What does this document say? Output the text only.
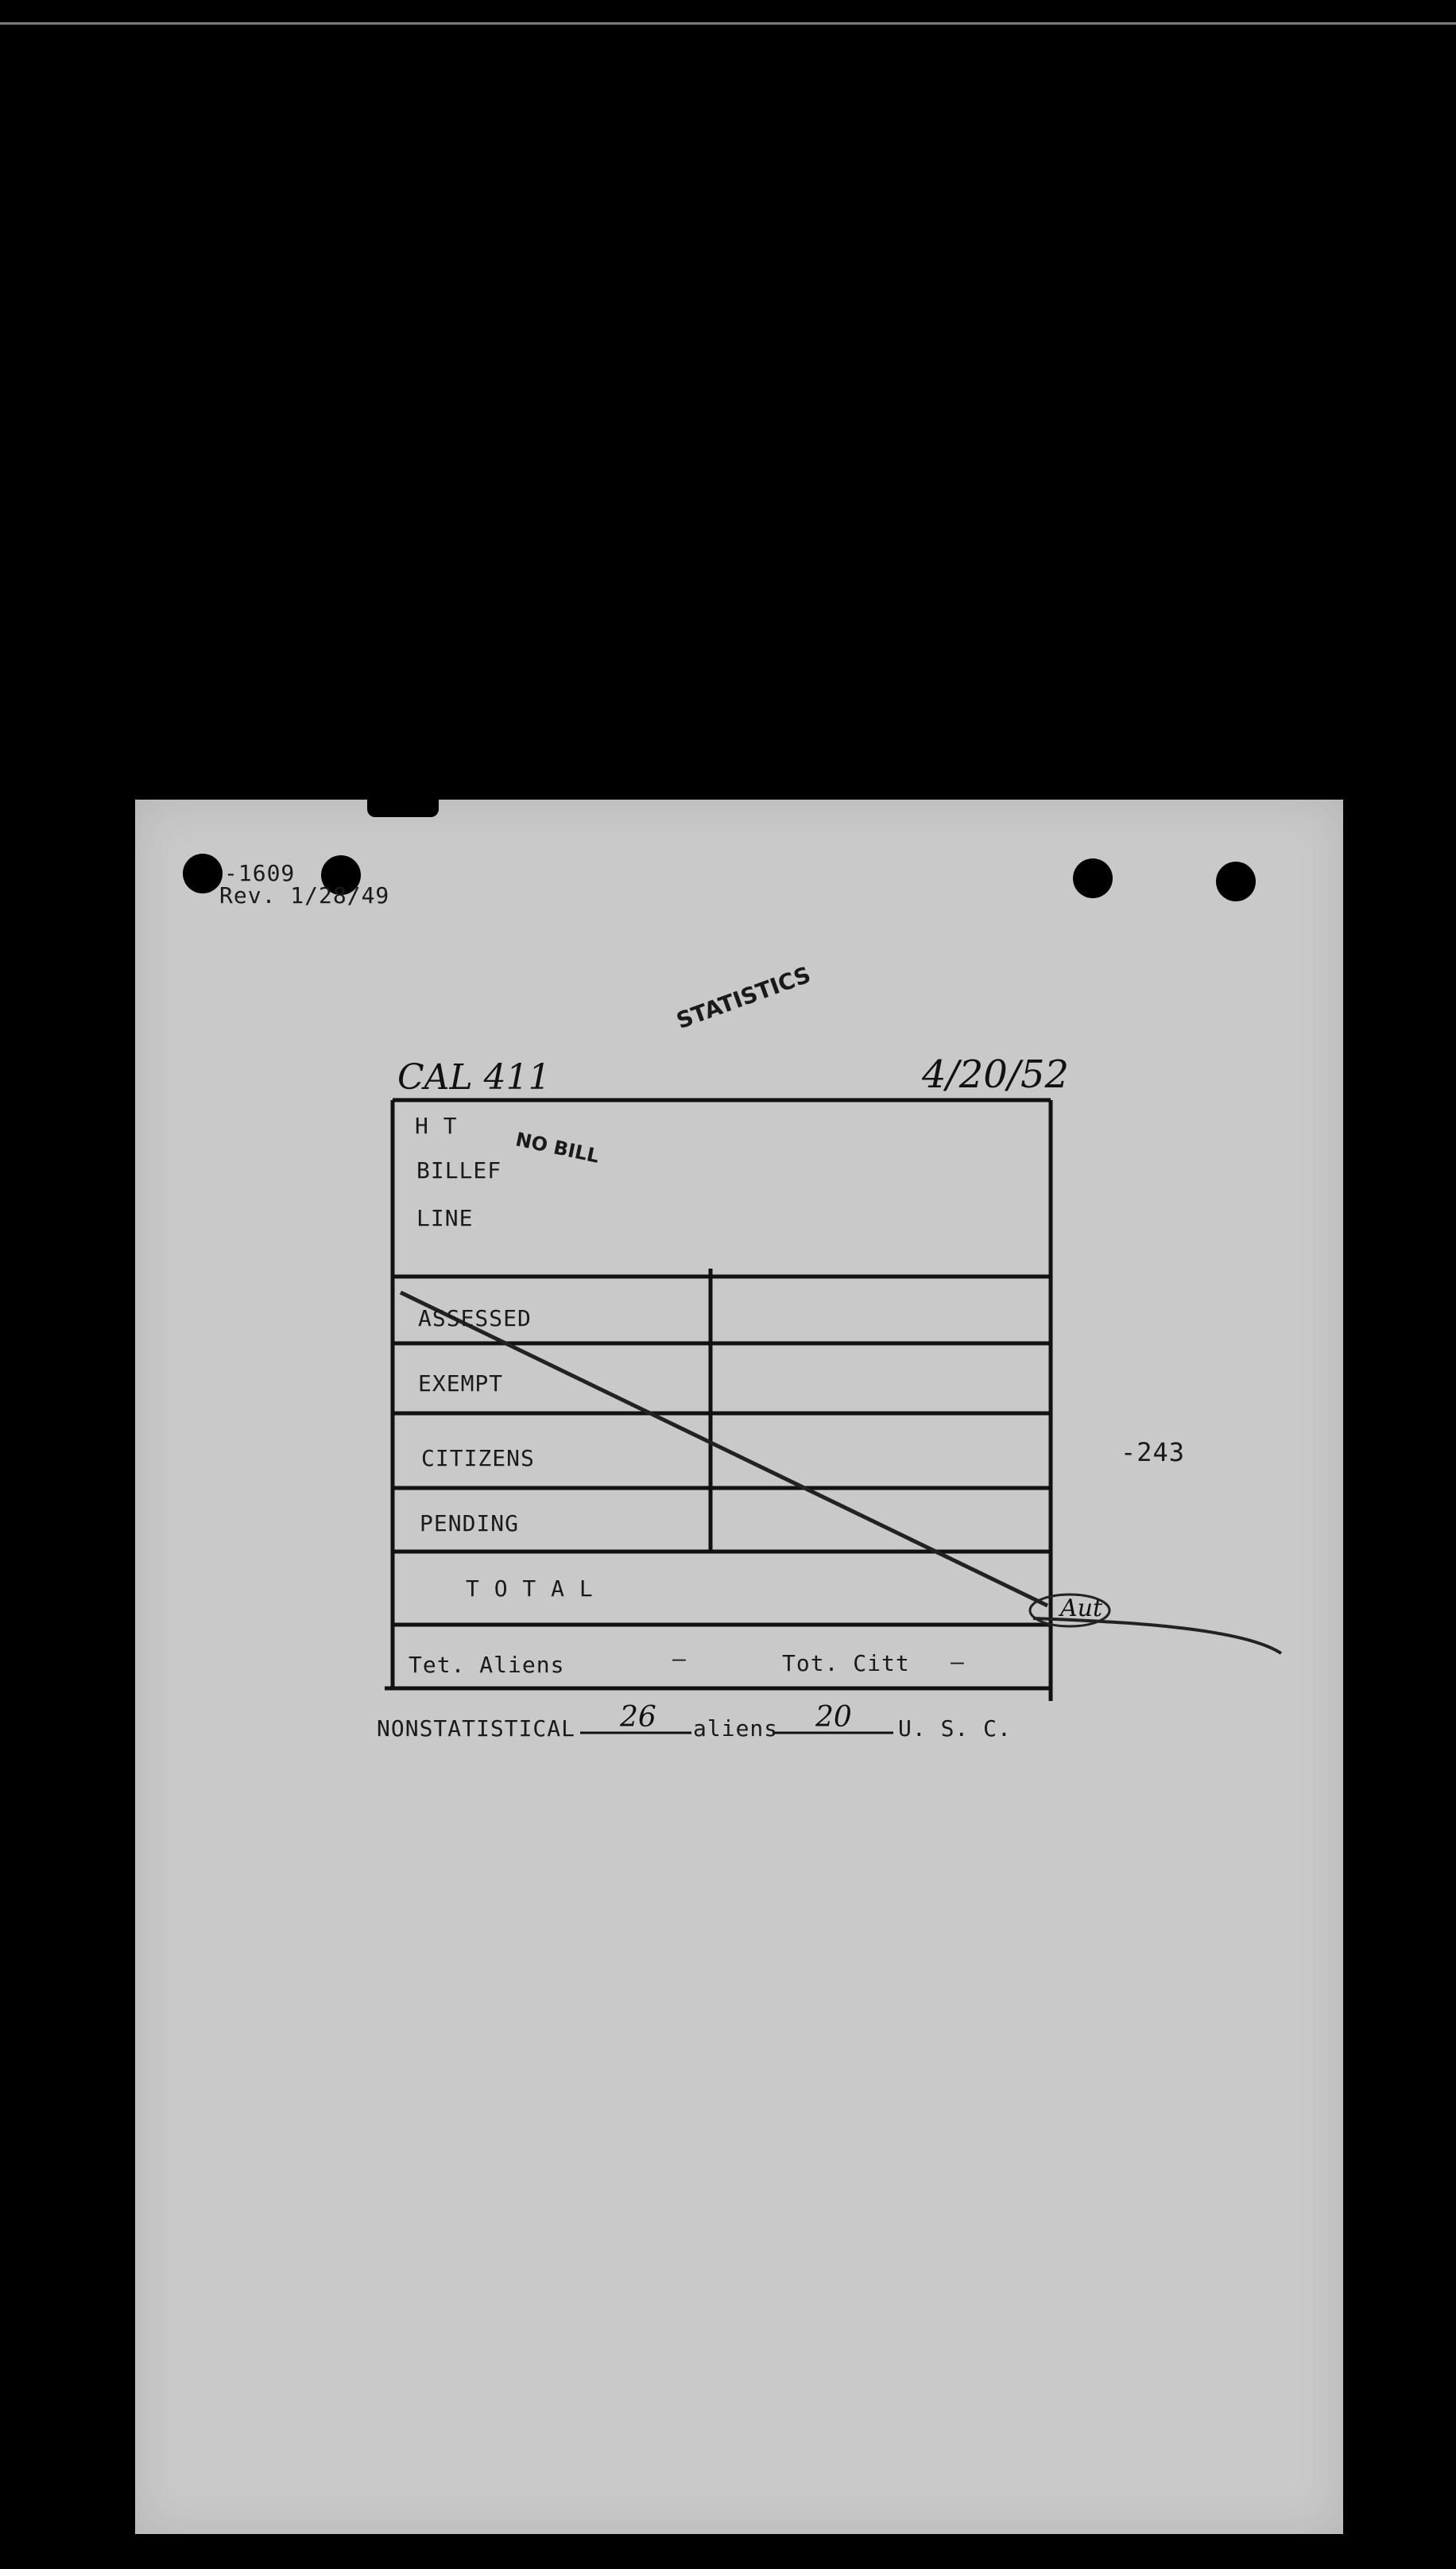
-1609
Rev. 1/28/49
STATISTICS
NO BILL
CAL 411	4/20/52
H T
BILLEF
LINE
ASSESSED
EXEMPT
CITIZENS
PENDING
T O T A L
Tet. Aliens	—	Tot. Citt —
-243
Aut
NONSTATISTICAL 26 aliens 20 U. S. C.
